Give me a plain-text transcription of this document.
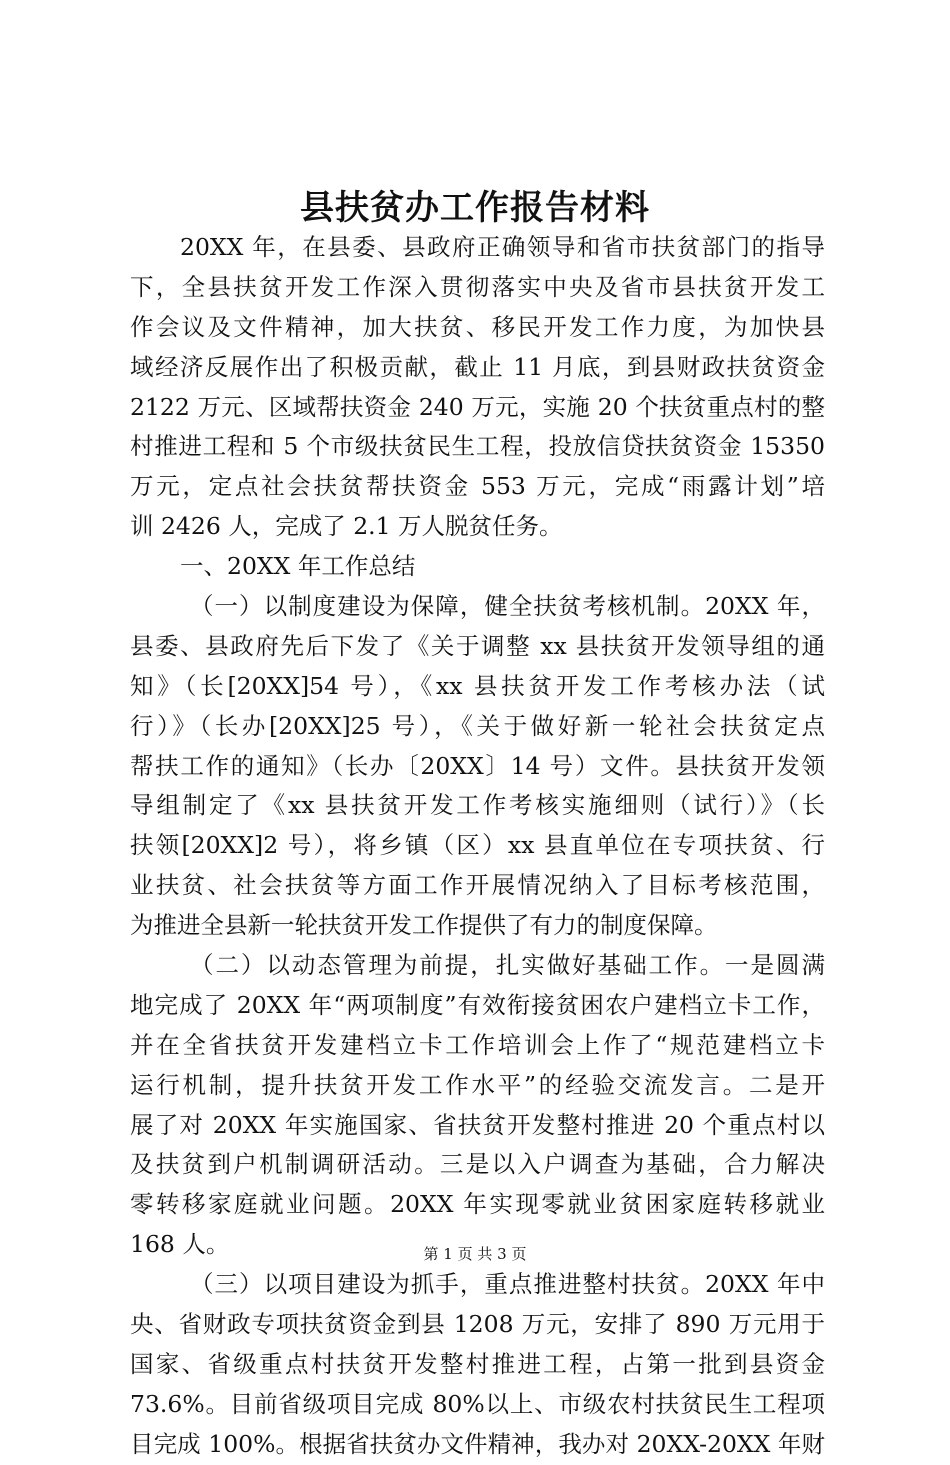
县扶贫办工作报告材料
20XX 年，在县委、县政府正确领导和省市扶贫部门的指导
下，全县扶贫开发工作深入贯彻落实中央及省市县扶贫开发工
作会议及文件精神，加大扶贫、移民开发工作力度，为加快县
域经济反展作出了积极贡献，截止 11 月底，到县财政扶贫资金
2122 万元、区域帮扶资金 240 万元，实施 20 个扶贫重点村的整
村推进工程和 5 个市级扶贫民生工程，投放信贷扶贫资金 15350
万元，定点社会扶贫帮扶资金 553 万元，完成“雨露计划”培
训 2426 人，完成了 2.1 万人脱贫任务。
一、20XX 年工作总结
（一）以制度建设为保障，健全扶贫考核机制。20XX 年，
县委、县政府先后下发了《关于调整 xx 县扶贫开发领导组的通
知》（长[20XX]54 号），《xx 县扶贫开发工作考核办法（试
行）》（长办[20XX]25 号），《关于做好新一轮社会扶贫定点
帮扶工作的通知》（长办〔20XX〕14 号）文件。县扶贫开发领
导组制定了《xx 县扶贫开发工作考核实施细则（试行）》（长
扶领[20XX]2 号），将乡镇（区）xx 县直单位在专项扶贫、行
业扶贫、社会扶贫等方面工作开展情况纳入了目标考核范围，
为推进全县新一轮扶贫开发工作提供了有力的制度保障。
（二）以动态管理为前提，扎实做好基础工作。一是圆满
地完成了 20XX 年“两项制度”有效衔接贫困农户建档立卡工作，
并在全省扶贫开发建档立卡工作培训会上作了“规范建档立卡
运行机制，提升扶贫开发工作水平”的经验交流发言。二是开
展了对 20XX 年实施国家、省扶贫开发整村推进 20 个重点村以
及扶贫到户机制调研活动。三是以入户调查为基础，合力解决
零转移家庭就业问题。20XX 年实现零就业贫困家庭转移就业
168 人。
（三）以项目建设为抓手，重点推进整村扶贫。20XX 年中
央、省财政专项扶贫资金到县 1208 万元，安排了 890 万元用于
国家、省级重点村扶贫开发整村推进工程，占第一批到县资金
73.6%。目前省级项目完成 80%以上、市级农村扶贫民生工程项
目完成 100%。根据省扶贫办文件精神，我办对 20XX-20XX 年财
第 1 页 共 3 页
